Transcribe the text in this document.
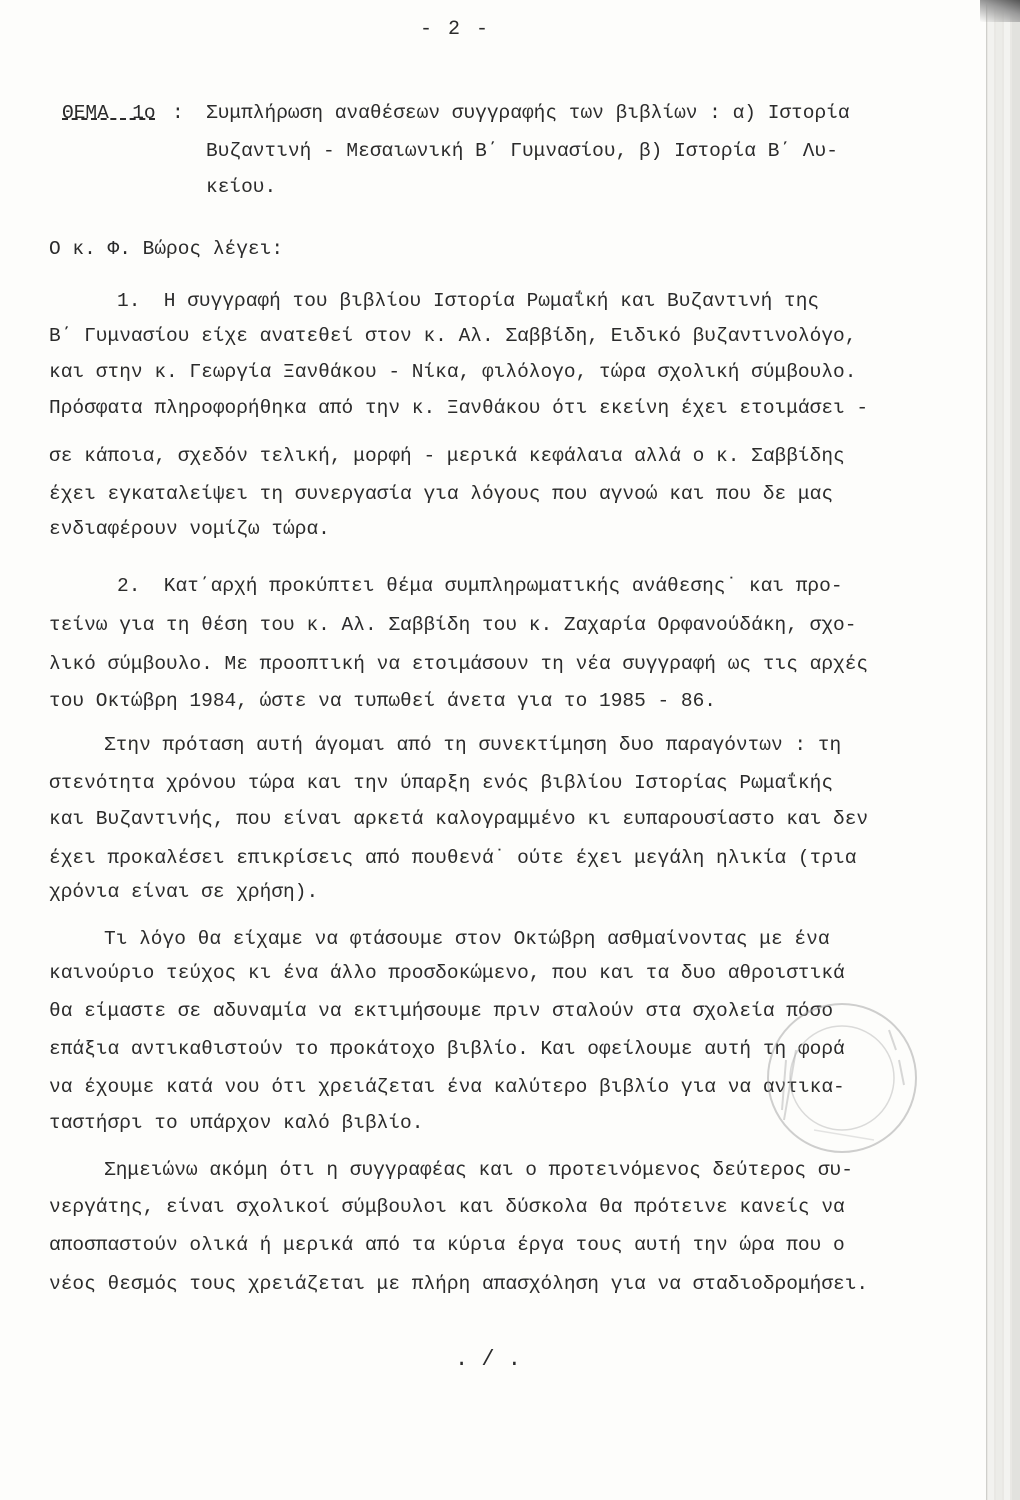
- 2 -
ΘΕΜΑ  1ο : Συμπλήρωση αναθέσεων συγγραφής των βιβλίων : α) Ιστορία
Βυζαντινή - Μεσαιωνική Β΄ Γυμνασίου, β) Ιστορία Β΄ Λυ-
κείου.
Ο κ. Φ. Βώρος λέγει:
1.  Η συγγραφή του βιβλίου Ιστορία Ρωμαΐκή και Βυζαντινή της
Β΄ Γυμνασίου είχε ανατεθεί στον κ. Αλ. Σαββίδη, Ειδικό βυζαντινολόγο,
και στην κ. Γεωργία Ξανθάκου - Νίκα, φιλόλογο, τώρα σχολική σύμβουλο.
Πρόσφατα πληροφορήθηκα από την κ. Ξανθάκου ότι εκείνη έχει ετοιμάσει -
σε κάποια, σχεδόν τελική, μορφή - μερικά κεφάλαια αλλά ο κ. Σαββίδης
έχει εγκαταλείψει τη συνεργασία για λόγους που αγνοώ και που δε μας
ενδιαφέρουν νομίζω τώρα.
2.  Κατ΄αρχή προκύπτει θέμα συμπληρωματικής ανάθεσης˙ και προ-
τείνω για τη θέση του κ. Αλ. Σαββίδη του κ. Ζαχαρία Ορφανούδάκη, σχο-
λικό σύμβουλο. Με προοπτική να ετοιμάσουν τη νέα συγγραφή ως τις αρχές
του Οκτώβρη 1984, ώστε να τυπωθεί άνετα για το 1985 - 86.
Στην πρόταση αυτή άγομαι από τη συνεκτίμηση δυο παραγόντων : τη
στενότητα χρόνου τώρα και την ύπαρξη ενός βιβλίου Ιστορίας Ρωμαΐκής
και Βυζαντινής, που είναι αρκετά καλογραμμένο κι ευπαρουσίαστο και δεν
έχει προκαλέσει επικρίσεις από πουθενά˙ ούτε έχει μεγάλη ηλικία (τρια
χρόνια είναι σε χρήση).
Τι λόγο θα είχαμε να φτάσουμε στον Οκτώβρη ασθμαίνοντας με ένα
καινούριο τεύχος κι ένα άλλο προσδοκώμενο, που και τα δυο αθροιστικά
θα είμαστε σε αδυναμία να εκτιμήσουμε πριν σταλούν στα σχολεία πόσο
επάξια αντικαθιστούν το προκάτοχο βιβλίο. Και οφείλουμε αυτή τη φορά
να έχουμε κατά νου ότι χρειάζεται ένα καλύτερο βιβλίο για να αντικα-
ταστήσρι το υπάρχον καλό βιβλίο.
Σημειώνω ακόμη ότι η συγγραφέας και ο προτεινόμενος δεύτερος συ-
νεργάτης, είναι σχολικοί σύμβουλοι και δύσκολα θα πρότεινε κανείς να
αποσπαστούν ολικά ή μερικά από τα κύρια έργα τους αυτή την ώρα που ο
νέος θεσμός τους χρειάζεται με πλήρη απασχόληση για να σταδιοδρομήσει.
. / .
